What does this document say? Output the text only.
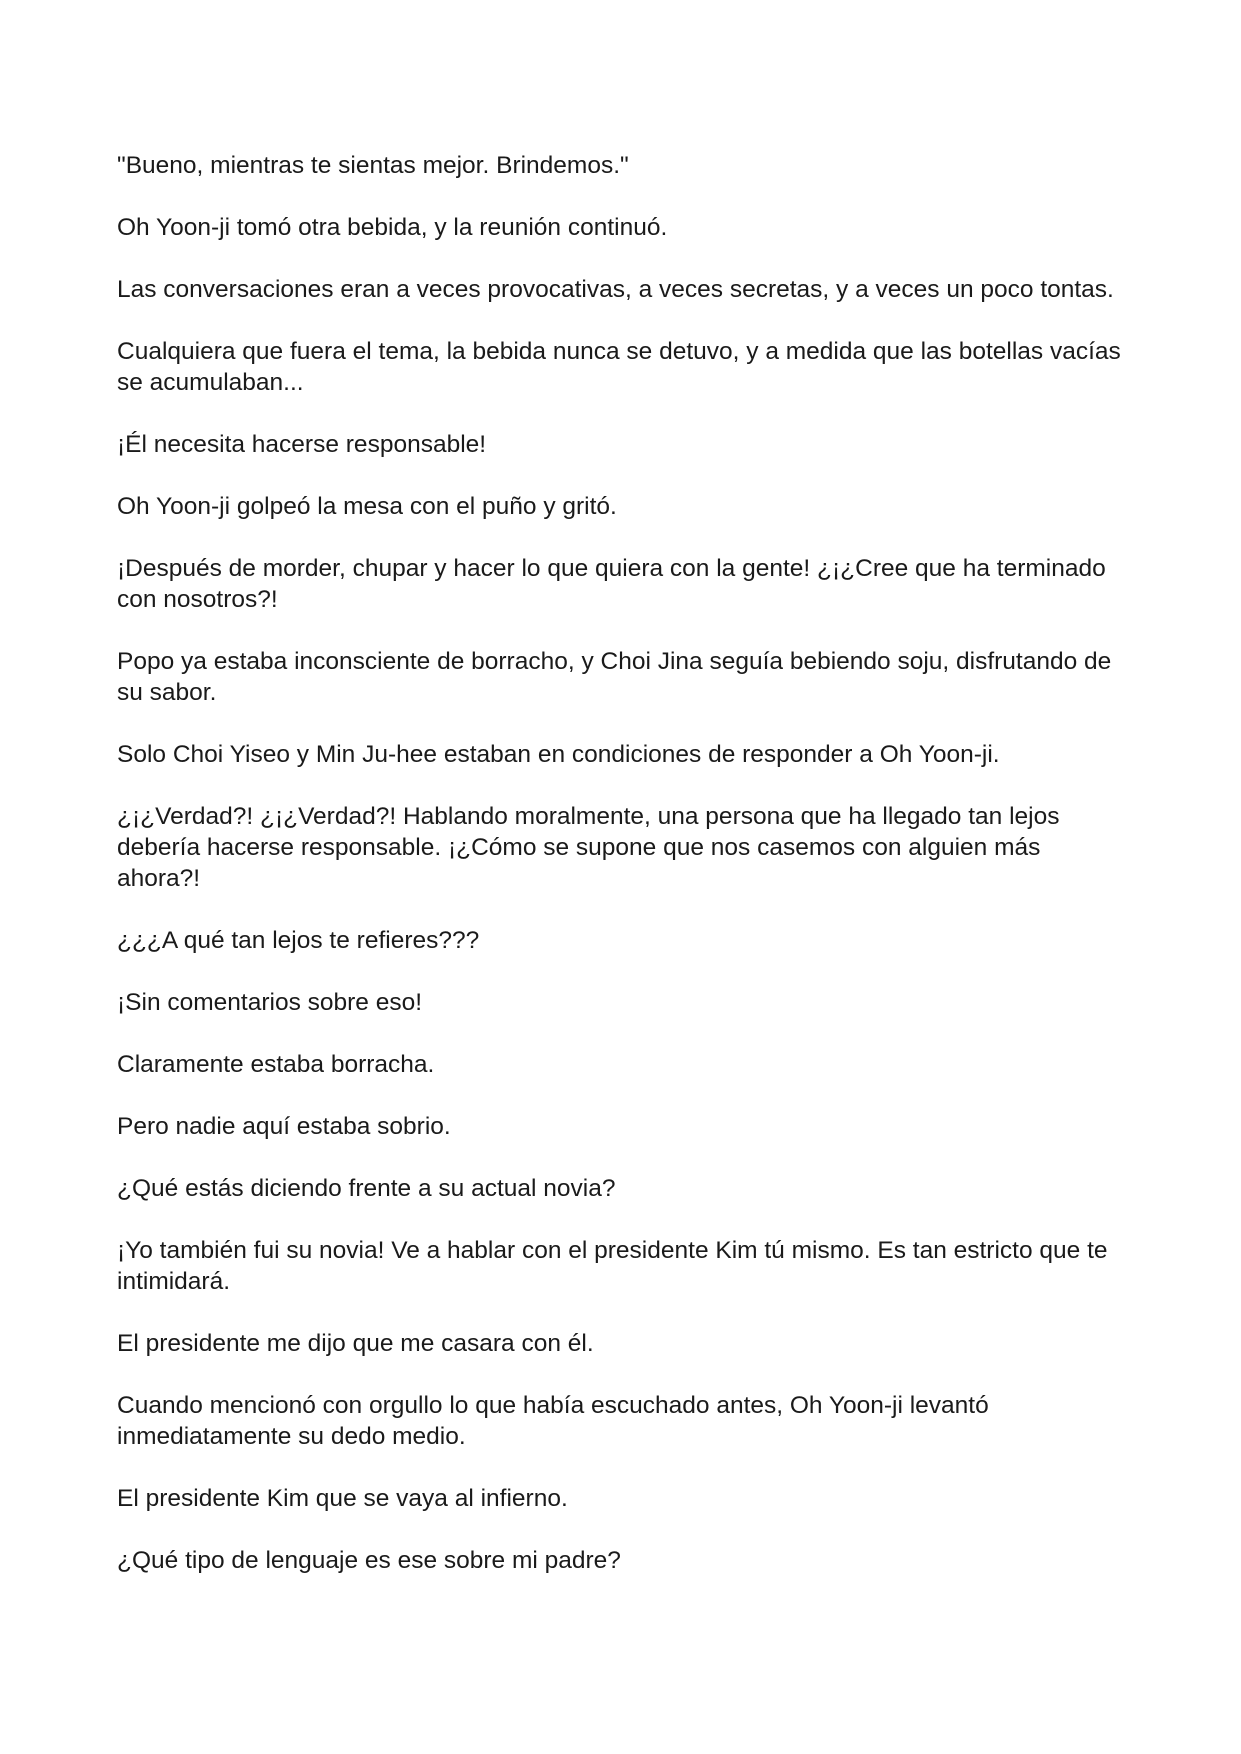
"Bueno, mientras te sientas mejor. Brindemos."

Oh Yoon-ji tomó otra bebida, y la reunión continuó.

Las conversaciones eran a veces provocativas, a veces secretas, y a veces un poco tontas.

Cualquiera que fuera el tema, la bebida nunca se detuvo, y a medida que las botellas vacías se acumulaban...

¡Él necesita hacerse responsable!

Oh Yoon-ji golpeó la mesa con el puño y gritó.

¡Después de morder, chupar y hacer lo que quiera con la gente! ¿¡¿Cree que ha terminado con nosotros?!

Popo ya estaba inconsciente de borracho, y Choi Jina seguía bebiendo soju, disfrutando de su sabor.

Solo Choi Yiseo y Min Ju-hee estaban en condiciones de responder a Oh Yoon-ji.

¿¡¿Verdad?! ¿¡¿Verdad?! Hablando moralmente, una persona que ha llegado tan lejos debería hacerse responsable. ¡¿Cómo se supone que nos casemos con alguien más ahora?!

¿¿¿A qué tan lejos te refieres???

¡Sin comentarios sobre eso!

Claramente estaba borracha.

Pero nadie aquí estaba sobrio.

¿Qué estás diciendo frente a su actual novia?

¡Yo también fui su novia! Ve a hablar con el presidente Kim tú mismo. Es tan estricto que te intimidará.

El presidente me dijo que me casara con él.

Cuando mencionó con orgullo lo que había escuchado antes, Oh Yoon-ji levantó inmediatamente su dedo medio.

El presidente Kim que se vaya al infierno.

¿Qué tipo de lenguaje es ese sobre mi padre?
